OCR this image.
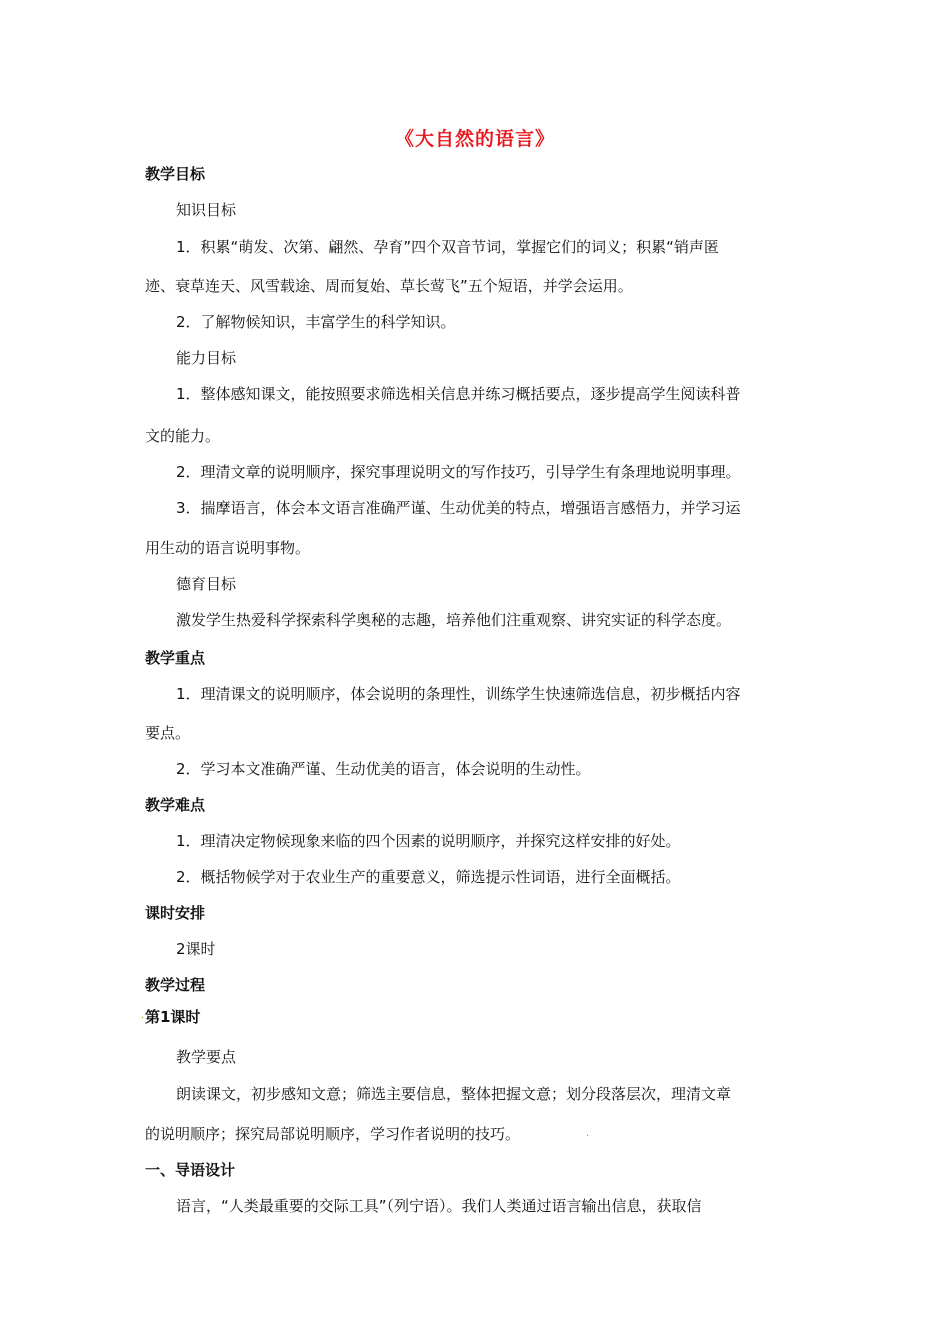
《大自然的语言》
教学目标
知识目标
1．积累“萌发、次第、翩然、孕育”四个双音节词，掌握它们的词义；积累“销声匿
迹、衰草连天、风雪载途、周而复始、草长莺飞”五个短语，并学会运用。
2．了解物候知识，丰富学生的科学知识。
能力目标
1．整体感知课文，能按照要求筛选相关信息并练习概括要点，逐步提高学生阅读科普
文的能力。
2．理清文章的说明顺序，探究事理说明文的写作技巧，引导学生有条理地说明事理。
3．揣摩语言，体会本文语言准确严谨、生动优美的特点，增强语言感悟力，并学习运
用生动的语言说明事物。
德育目标
激发学生热爱科学探索科学奥秘的志趣，培养他们注重观察、讲究实证的科学态度。
教学重点
1．理清课文的说明顺序，体会说明的条理性，训练学生快速筛选信息，初步概括内容
要点。
2．学习本文准确严谨、生动优美的语言，体会说明的生动性。
教学难点
1．理清决定物候现象来临的四个因素的说明顺序，并探究这样安排的好处。
2．概括物候学对于农业生产的重要意义，筛选提示性词语，进行全面概括。
课时安排
2课时
教学过程
. 第1课时
教学要点
朗读课文，初步感知文意；筛选主要信息，整体把握文意；划分段落层次，理清文章
的说明顺序；探究局部说明顺序，学习作者说明的技巧。	.
一、导语设计
语言，“人类最重要的交际工具”（列宁语）。我们人类通过语言输出信息，获取信
